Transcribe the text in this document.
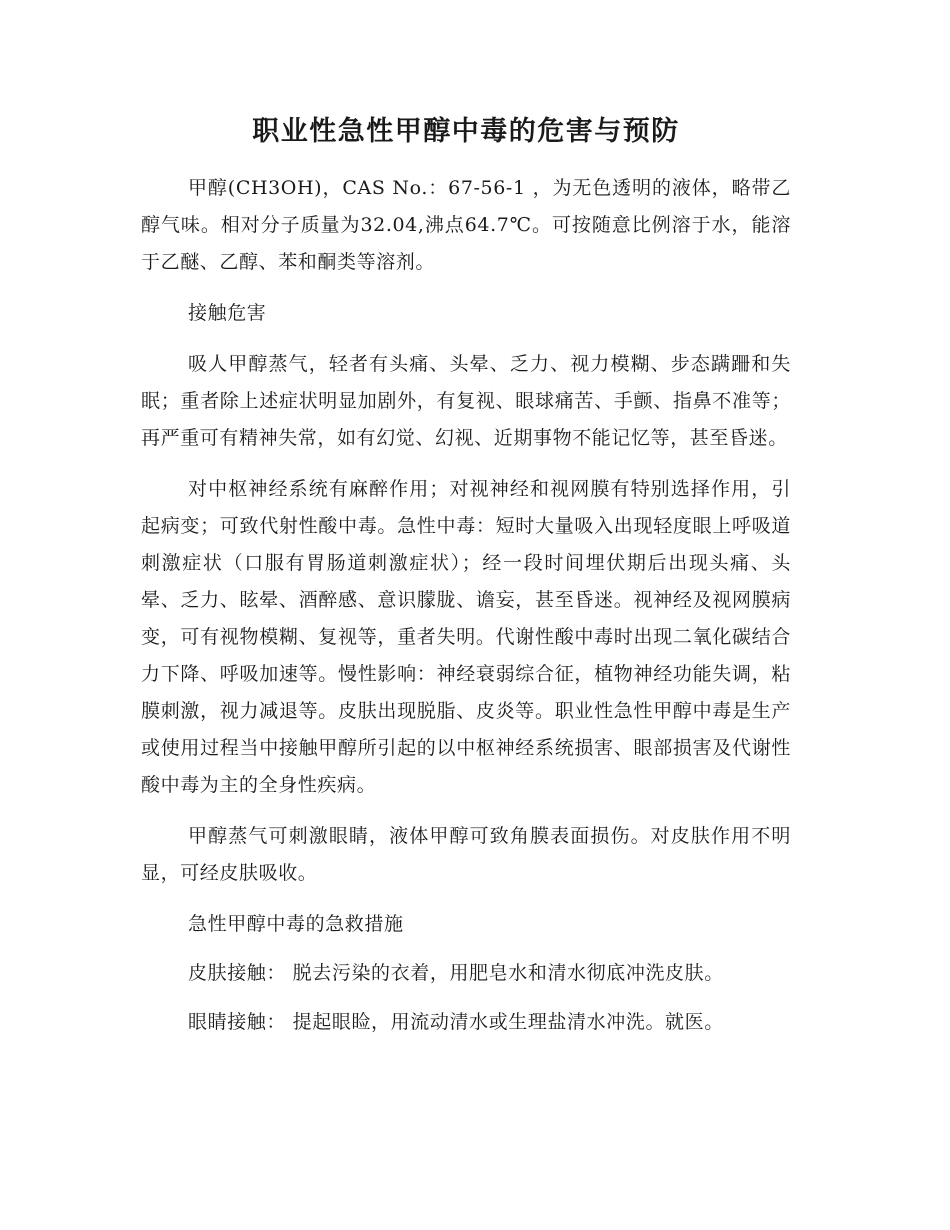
职业性急性甲醇中毒的危害与预防

甲醇(CH3OH)，CAS No.：67-56-1 ，为无色透明的液体，略带乙醇气味。相对分子质量为32.04,沸点64.7℃。可按随意比例溶于水，能溶于乙醚、乙醇、苯和酮类等溶剂。

接触危害

吸人甲醇蒸气，轻者有头痛、头晕、乏力、视力模糊、步态蹒跚和失眠；重者除上述症状明显加剧外，有复视、眼球痛苦、手颤、指鼻不准等；再严重可有精神失常，如有幻觉、幻视、近期事物不能记忆等，甚至昏迷。

对中枢神经系统有麻醉作用；对视神经和视网膜有特别选择作用，引起病变；可致代射性酸中毒。急性中毒：短时大量吸入出现轻度眼上呼吸道刺激症状（口服有胃肠道刺激症状）；经一段时间埋伏期后出现头痛、头晕、乏力、眩晕、酒醉感、意识朦胧、谵妄，甚至昏迷。视神经及视网膜病变，可有视物模糊、复视等，重者失明。代谢性酸中毒时出现二氧化碳结合力下降、呼吸加速等。慢性影响：神经衰弱综合征，植物神经功能失调，粘膜刺激，视力减退等。皮肤出现脱脂、皮炎等。职业性急性甲醇中毒是生产或使用过程当中接触甲醇所引起的以中枢神经系统损害、眼部损害及代谢性酸中毒为主的全身性疾病。

甲醇蒸气可刺激眼睛，液体甲醇可致角膜表面损伤。对皮肤作用不明显，可经皮肤吸收。

急性甲醇中毒的急救措施

皮肤接触： 脱去污染的衣着，用肥皂水和清水彻底冲洗皮肤。

眼睛接触： 提起眼睑，用流动清水或生理盐清水冲洗。就医。
